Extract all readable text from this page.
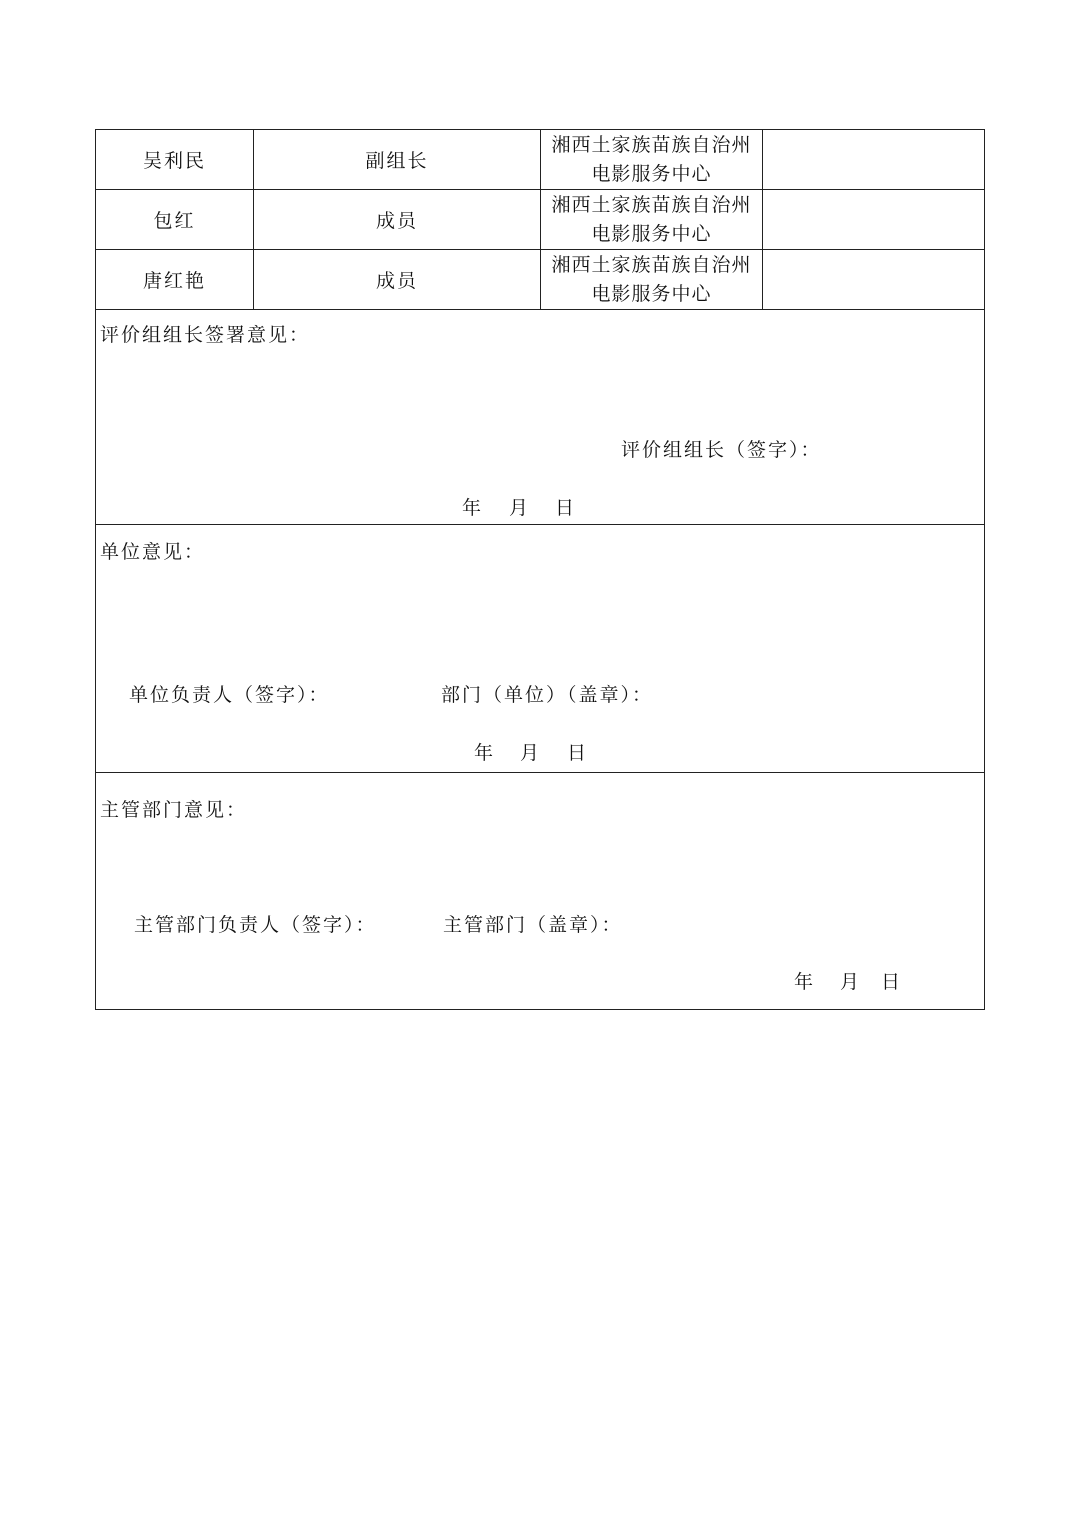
吴利民	副组长
湘西土家族苗族自治州
电影服务中心
包红	成员
湘西土家族苗族自治州
电影服务中心
唐红艳	成员
湘西土家族苗族自治州
电影服务中心
评价组组长签署意见：
评价组组长（签字）：
年 月 日
单位意见：
单位负责人（签字）：	部门（单位）（盖章）：
年 月 日
主管部门意见：
主管部门负责人（签字）：	主管部门（盖章）：
年 月 日
